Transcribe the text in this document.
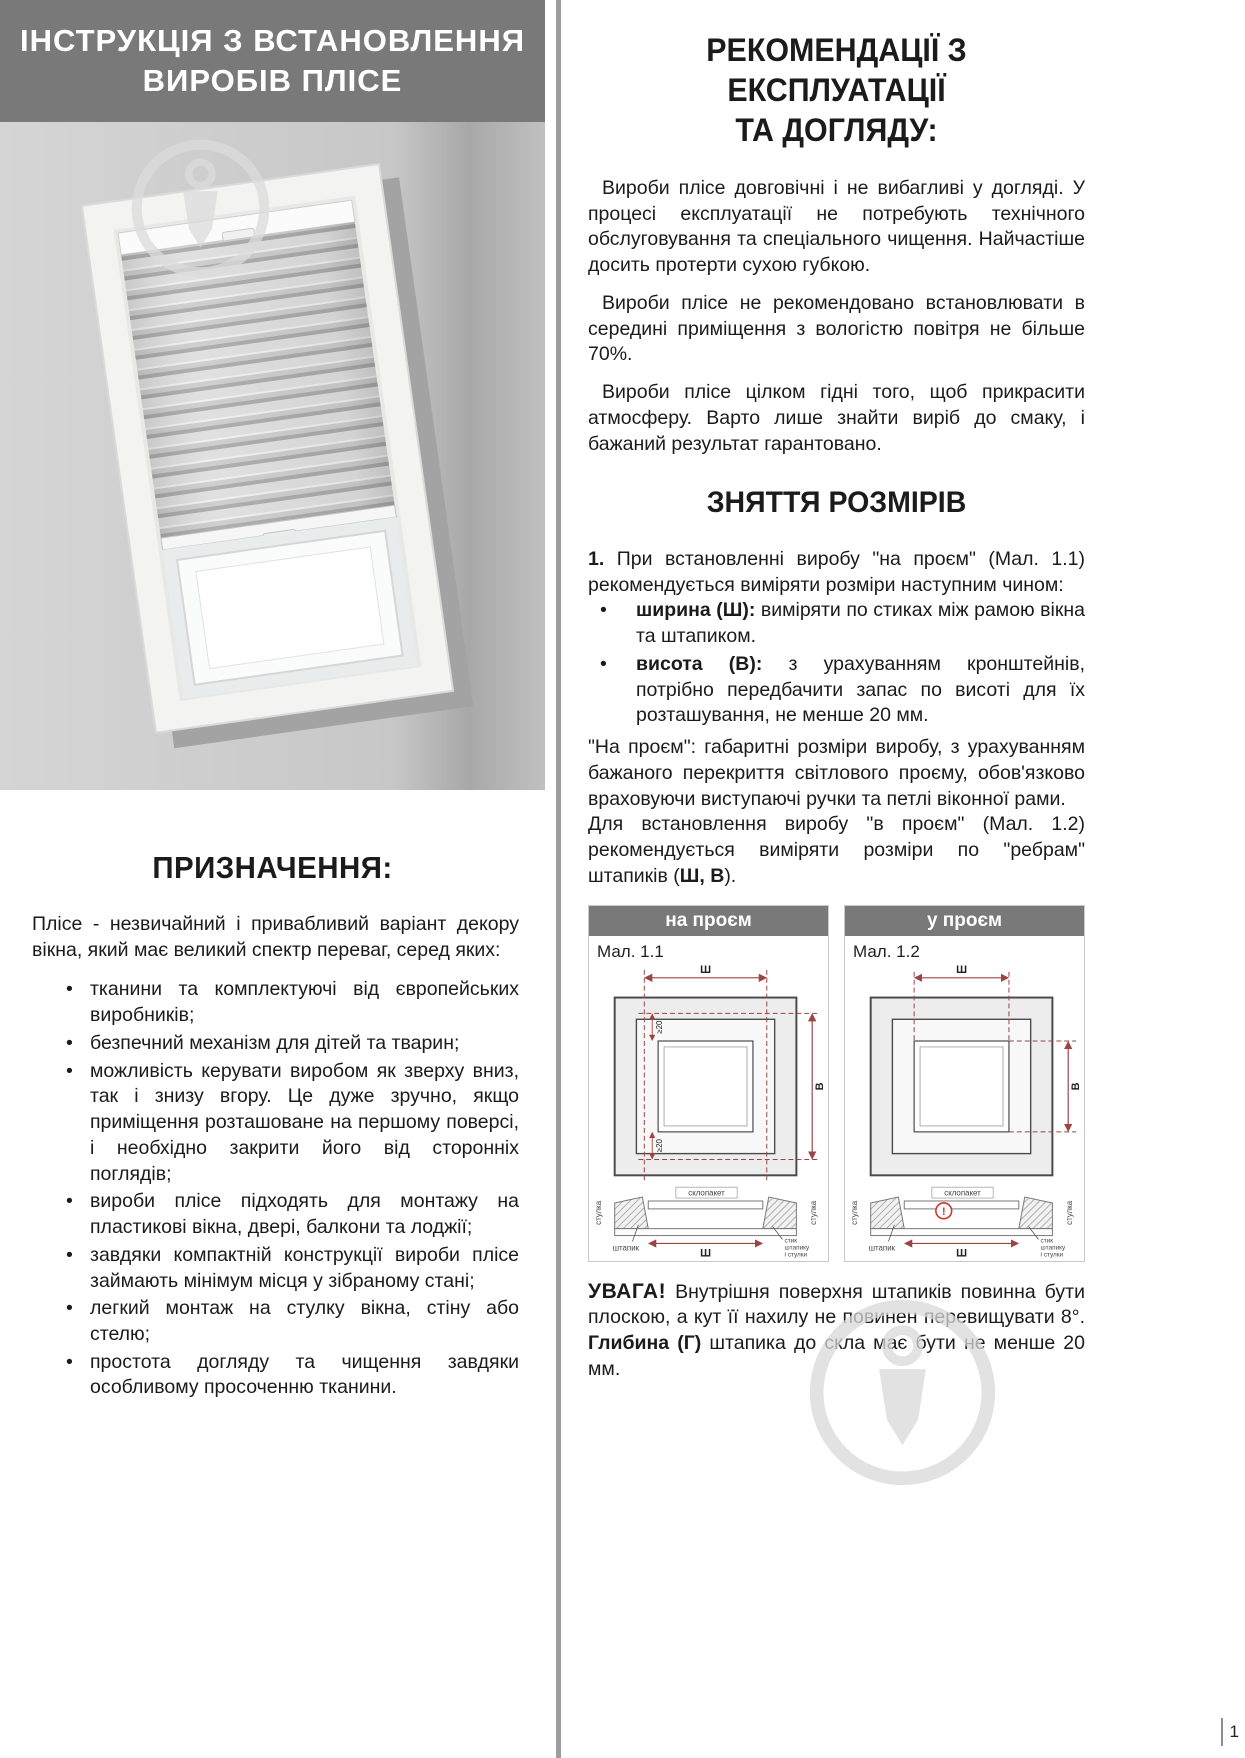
ІНСТРУКЦІЯ З ВСТАНОВЛЕННЯ
ВИРОБІВ ПЛІСЕ
ПРИЗНАЧЕННЯ:

Плісе - незвичайний і привабливий варіант декору вікна, який має великий спектр переваг, серед яких:

• тканини та комплектуючі від європейських виробників;
• безпечний механізм для дітей та тварин;
• можливість керувати виробом як зверху вниз, так і знизу вгору. Це дуже зручно, якщо приміщення розташоване на першому поверсі, і необхідно закрити його від сторонніх поглядів;
• вироби плісе підходять для монтажу на пластикові вікна, двері, балкони та лоджії;
• завдяки компактній конструкції вироби плісе займають мінімум місця у зібраному стані;
• легкий монтаж на стулку вікна, стіну або стелю;
• простота догляду та чищення завдяки особливому просоченню тканини.
РЕКОМЕНДАЦІЇ З ЕКСПЛУАТАЦІЇ
ТА ДОГЛЯДУ:

Вироби плісе довговічні і не вибагливі у догляді. У процесі експлуатації не потребують технічного обслуговування та спеціального чищення. Найчастіше досить протерти сухою губкою.

Вироби плісе не рекомендовано встановлювати в середині приміщення з вологістю повітря не більше 70%.

Вироби плісе цілком гідні того, щоб прикрасити атмосферу. Варто лише знайти виріб до смаку, і бажаний результат гарантовано.

ЗНЯТТЯ РОЗМІРІВ

1. При встановленні виробу "на проєм" (Мал. 1.1) рекомендується виміряти розміри наступним чином:

• ширина (Ш): виміряти по стиках між рамою вікна та штапиком.
• висота (В): з урахуванням кронштейнів, потрібно передбачити запас по висоті для їх розташування, не менше 20 мм.

"На проєм": габаритні розміри виробу, з урахуванням бажаного перекриття світлового проєму, обов'язково враховуючи виступаючі ручки та петлі віконної рами.

Для встановлення виробу "в проєм" (Мал. 1.2) рекомендується виміряти розміри по "ребрам" штапиків (Ш, В).

на проєм
Мал. 1.1
Ш
В
≥20
≥20
склопакет
стулка	стулка
штапик	Ш
стик
штапику
і стулки
у проєм
Мал. 1.2
Ш
В
склопакет
стулка	стулка
!
штапик	Ш
стик
штапику
і стулки

УВАГА! Внутрішня поверхня штапиків повинна бути плоскою, а кут її нахилу не повинен перевищувати 8°. Глибина (Г) штапика до скла має бути не менше 20 мм.

1
